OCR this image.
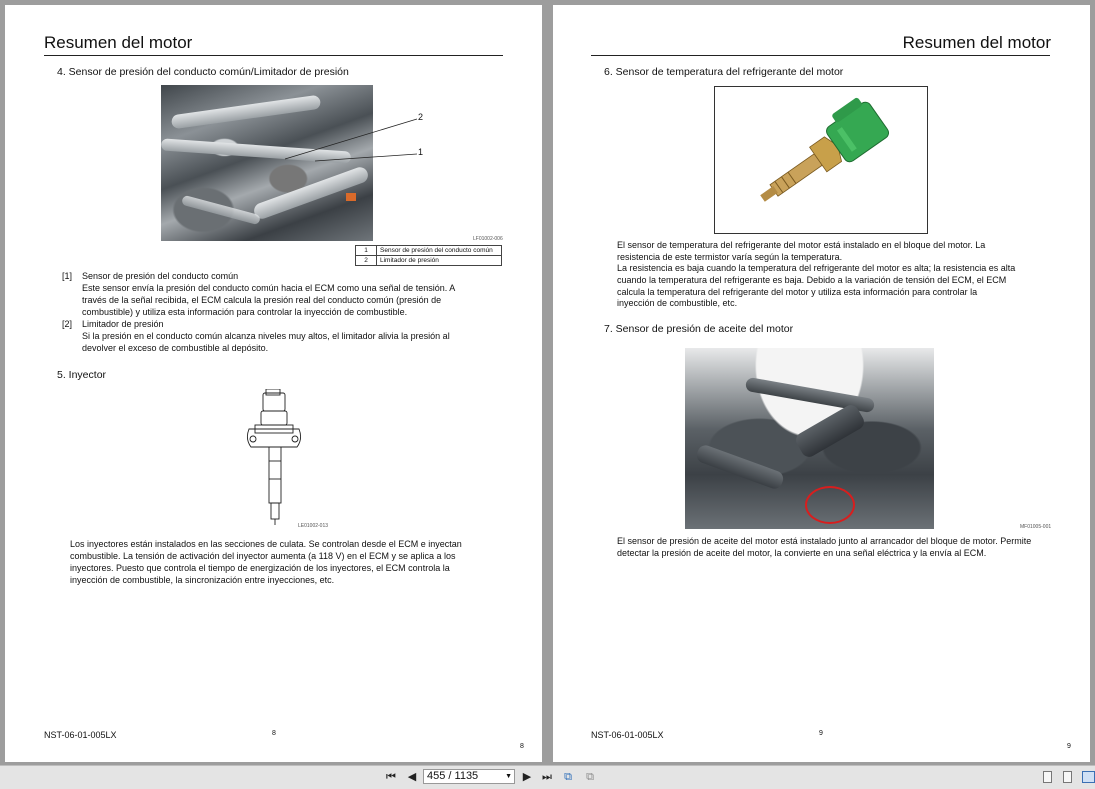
Resumen del motor
4. Sensor de presión del conducto común/Limitador de presión
2
1
LF01002-006
1	Sensor de presión del conducto común
2	Limitador de presión
[1] Sensor de presión del conducto común
Este sensor envía la presión del conducto común hacia el ECM como una señal de tensión. A
través de la señal recibida, el ECM calcula la presión real del conducto común (presión de
combustible) y utiliza esta información para controlar la inyección de combustible.
[2] Limitador de presión
Si la presión en el conducto común alcanza niveles muy altos, el limitador alivia la presión al
devolver el exceso de combustible al depósito.
5. Inyector
LE01002-013
Los inyectores están instalados en las secciones de culata. Se controlan desde el ECM e inyectan
combustible. La tensión de activación del inyector aumenta (a 118 V) en el ECM y se aplica a los
inyectores. Puesto que controla el tiempo de energización de los inyectores, el ECM controla la
inyección de combustible, la sincronización entre inyecciones, etc.
NST-06-01-005LX	8
8
Resumen del motor
6. Sensor de temperatura del refrigerante del motor
El sensor de temperatura del refrigerante del motor está instalado en el bloque del motor. La
resistencia de este termistor varía según la temperatura.
La resistencia es baja cuando la temperatura del refrigerante del motor es alta; la resistencia es alta
cuando la temperatura del refrigerante es baja. Debido a la variación de tensión del ECM, el ECM
calcula la temperatura del refrigerante del motor y utiliza esta información para controlar la
inyección de combustible, etc.
7. Sensor de presión de aceite del motor
MF01005-001
El sensor de presión de aceite del motor está instalado junto al arrancador del bloque de motor. Permite
detectar la presión de aceite del motor, la convierte en una señal eléctrica y la envía al ECM.
NST-06-01-005LX	9
9
⏮ ◀ 455 / 1135	▼ ▶ ⏭ ⧉ ⧉
